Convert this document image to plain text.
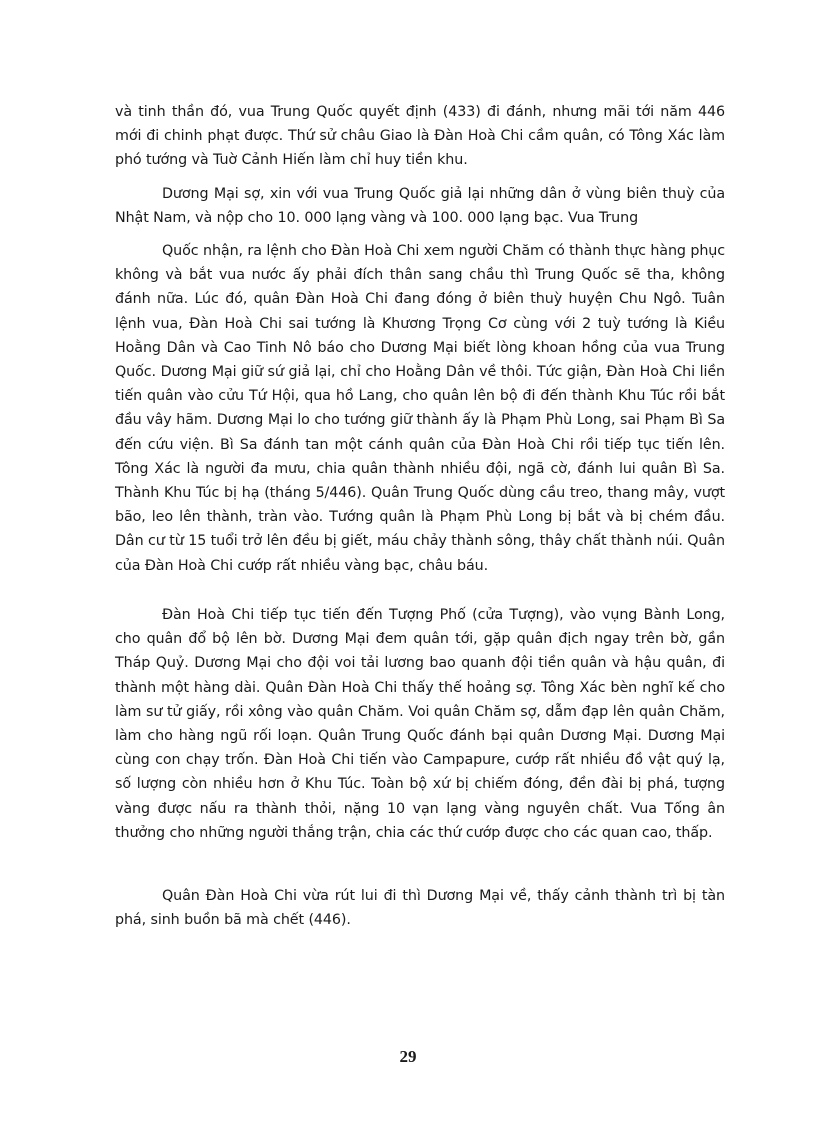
và tinh thần đó, vua Trung Quốc quyết định (433) đi đánh, nhưng mãi tới năm 446 mới đi chinh phạt được. Thứ sử châu Giao là Đàn Hoà Chi cầm quân, có Tông Xác làm phó tướng và Tuờ Cảnh Hiến làm chỉ huy tiền khu.

Dương Mại sợ, xin với vua Trung Quốc giả lại những dân ở vùng biên thuỳ của Nhật Nam, và nộp cho 10. 000 lạng vàng và 100. 000 lạng bạc. Vua Trung

Quốc nhận, ra lệnh cho Đàn Hoà Chi xem người Chăm có thành thực hàng phục không và bắt vua nước ấy phải đích thân sang chầu thì Trung Quốc sẽ tha, không đánh nữa. Lúc đó, quân Đàn Hoà Chi đang đóng ở biên thuỳ huyện Chu Ngô. Tuân lệnh vua, Đàn Hoà Chi sai tướng là Khương Trọng Cơ cùng với 2 tuỳ tướng là Kiều Hoằng Dân và Cao Tinh Nô báo cho Dương Mại biết lòng khoan hồng của vua Trung Quốc. Dương Mại giữ sứ giả lại, chỉ cho Hoằng Dân về thôi. Tức giận, Đàn Hoà Chi liền tiến quân vào cửu Tứ Hội, qua hồ Lang, cho quân lên bộ đi đến thành Khu Túc rồi bắt đầu vây hãm. Dương Mại lo cho tướng giữ thành ấy là Phạm Phù Long, sai Phạm Bì Sa đến cứu viện. Bì Sa đánh tan một cánh quân của Đàn Hoà Chi rồi tiếp tục tiến lên. Tông Xác là người đa mưu, chia quân thành nhiều đội, ngã cờ, đánh lui quân Bì Sa. Thành Khu Túc bị hạ (tháng 5/446). Quân Trung Quốc dùng cầu treo, thang mây, vượt bão, leo lên thành, tràn vào. Tướng quân là Phạm Phù Long bị bắt và bị chém đầu. Dân cư từ 15 tuổi trở lên đều bị giết, máu chảy thành sông, thây chất thành núi. Quân của Đàn Hoà Chi cướp rất nhiều vàng bạc, châu báu.

Đàn Hoà Chi tiếp tục tiến đến Tượng Phố (cửa Tượng), vào vụng Bành Long, cho quân đổ bộ lên bờ. Dương Mại đem quân tới, gặp quân địch ngay trên bờ, gần Tháp Quỷ. Dương Mại cho đội voi tải lương bao quanh đội tiền quân và hậu quân, đi thành một hàng dài. Quân Đàn Hoà Chi thấy thế hoảng sợ. Tông Xác bèn nghĩ kế cho làm sư tử giấy, rồi xông vào quân Chăm. Voi quân Chăm sợ, dẫm đạp lên quân Chăm, làm cho hàng ngũ rối loạn. Quân Trung Quốc đánh bại quân Dương Mại. Dương Mại cùng con chạy trốn. Đàn Hoà Chi tiến vào Campapure, cướp rất nhiều đồ vật quý lạ, số lượng còn nhiều hơn ở Khu Túc. Toàn bộ xứ bị chiếm đóng, đền đài bị phá, tượng vàng được nấu ra thành thỏi, nặng 10 vạn lạng vàng nguyên chất. Vua Tống ân thưởng cho những người thắng trận, chia các thứ cướp được cho các quan cao, thấp.

Quân Đàn Hoà Chi vừa rút lui đi thì Dương Mại về, thấy cảnh thành trì bị tàn phá, sinh buồn bã mà chết (446).

29
